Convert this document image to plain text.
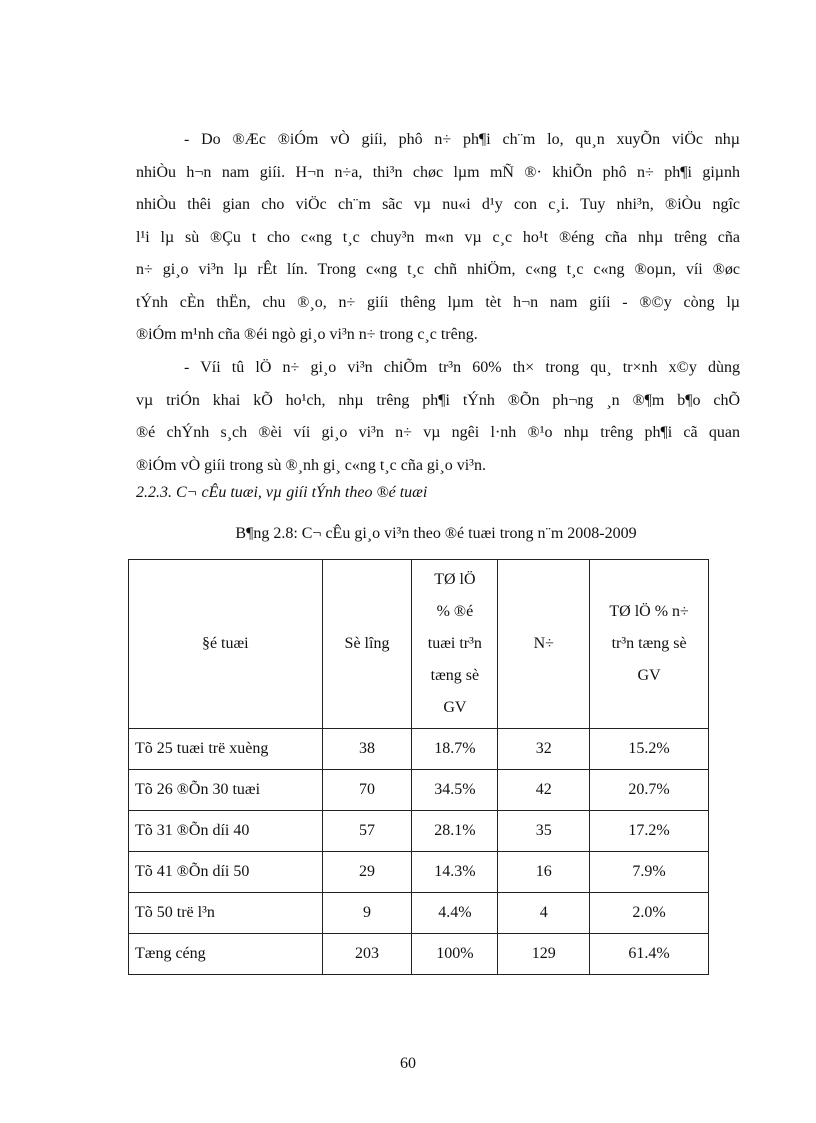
- Do ®Æc ®iÓm vÒ giíi, phô n÷ ph¶i ch¨m lo, qu¸n xuyÕn viÖc nhµ
nhiÒu h¬n nam giíi. H¬n n÷a, thi³n chøc lµm mÑ ®· khiÕn phô n÷ ph¶i giµnh
nhiÒu thêi gian cho viÖc ch¨m sãc vµ nu«i d¹y con c¸i. Tuy nhi³n, ®iÒu ngîc
l¹i lµ sù ®Çu t cho c«ng t¸c chuy³n m«n vµ c¸c ho¹t ®éng cña nhµ trêng cña
n÷ gi¸o vi³n lµ rÊt lín. Trong c«ng t¸c chñ nhiÖm, c«ng t¸c c«ng ®oµn, víi ®øc
tÝnh cÈn thËn, chu ®¸o, n÷ giíi thêng lµm tèt h¬n nam giíi - ®©y còng lµ
®iÓm m¹nh cña ®éi ngò gi¸o vi³n n÷ trong c¸c trêng.
- Víi tû lÖ n÷ gi¸o vi³n chiÕm tr³n 60% th× trong qu¸ tr×nh x©y dùng
vµ triÓn khai kÕ ho¹ch, nhµ trêng ph¶i tÝnh ®Õn ph¬ng ¸n ®¶m b¶o chÕ
®é chÝnh s¸ch ®èi víi gi¸o vi³n n÷ vµ ngêi l·nh ®¹o nhµ trêng ph¶i cã quan
®iÓm vÒ giíi trong sù ®¸nh gi¸ c«ng t¸c cña gi¸o vi³n.

2.2.3. C¬ cÊu tuæi, vµ giíi tÝnh theo ®é tuæi

B¶ng 2.8: C¬ cÊu gi¸o vi³n theo ®é tuæi trong n¨m 2008-2009

§é tuæi	Sè lîng	TØ lÖ
% ®é
tuæi tr³n
tæng sè
GV	N÷	TØ lÖ % n÷
tr³n tæng sè
GV
Tõ 25 tuæi trë xuèng	38	18.7%	32	15.2%
Tõ 26 ®Õn 30 tuæi	70	34.5%	42	20.7%
Tõ 31 ®Õn díi 40	57	28.1%	35	17.2%
Tõ 41 ®Õn díi 50	29	14.3%	16	7.9%
Tõ 50 trë l³n	9	4.4%	4	2.0%
Tæng céng	203	100%	129	61.4%

60
